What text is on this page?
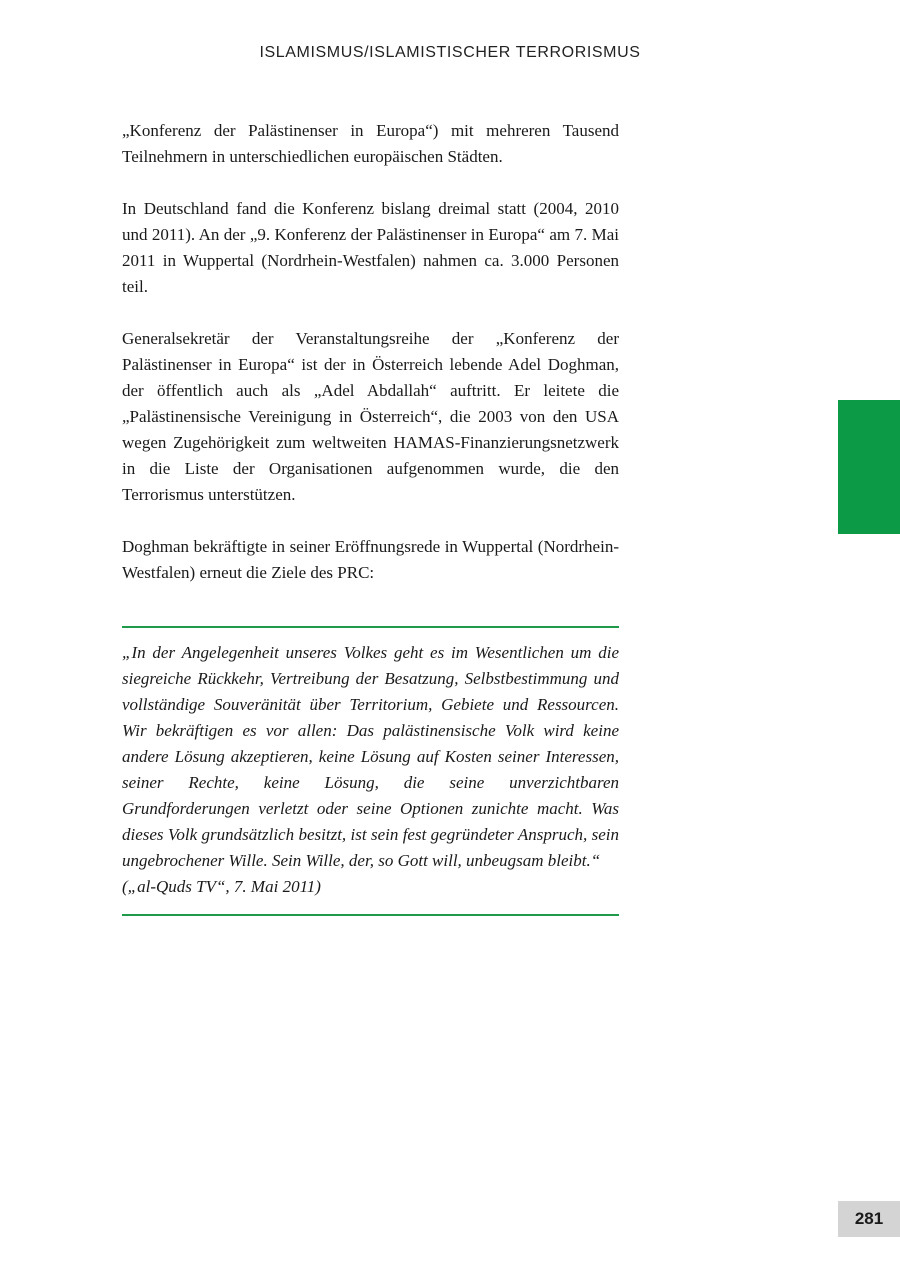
ISLAMISMUS/ISLAMISTISCHER TERRORISMUS

„Konferenz der Palästinenser in Europa“) mit mehreren Tausend Teilnehmern in unterschiedlichen europäischen Städten.

In Deutschland fand die Konferenz bislang dreimal statt (2004, 2010 und 2011). An der „9. Konferenz der Palästinenser in Europa“ am 7. Mai 2011 in Wuppertal (Nordrhein-Westfalen) nahmen ca. 3.000 Personen teil.

Generalsekretär der Veranstaltungsreihe der „Konferenz der Palästinenser in Europa“ ist der in Österreich lebende Adel Doghman, der öffentlich auch als „Adel Abdallah“ auftritt. Er leitete die „Palästinensische Vereinigung in Österreich“, die 2003 von den USA wegen Zugehörigkeit zum weltweiten HAMAS-Finanzierungsnetzwerk in die Liste der Organisationen aufgenommen wurde, die den Terrorismus unterstützen.

Doghman bekräftigte in seiner Eröffnungsrede in Wuppertal (Nordrhein-Westfalen) erneut die Ziele des PRC:

„In der Angelegenheit unseres Volkes geht es im Wesentlichen um die siegreiche Rückkehr, Vertreibung der Besatzung, Selbstbestimmung und vollständige Souveränität über Territorium, Gebiete und Ressourcen. Wir bekräftigen es vor allen: Das palästinensische Volk wird keine andere Lösung akzeptieren, keine Lösung auf Kosten seiner Interessen, seiner Rechte, keine Lösung, die seine unverzichtbaren Grundforderungen verletzt oder seine Optionen zunichte macht. Was dieses Volk grundsätzlich besitzt, ist sein fest gegründeter Anspruch, sein ungebrochener Wille. Sein Wille, der, so Gott will, unbeugsam bleibt.“

(„al-Quds TV“, 7. Mai 2011)

281
